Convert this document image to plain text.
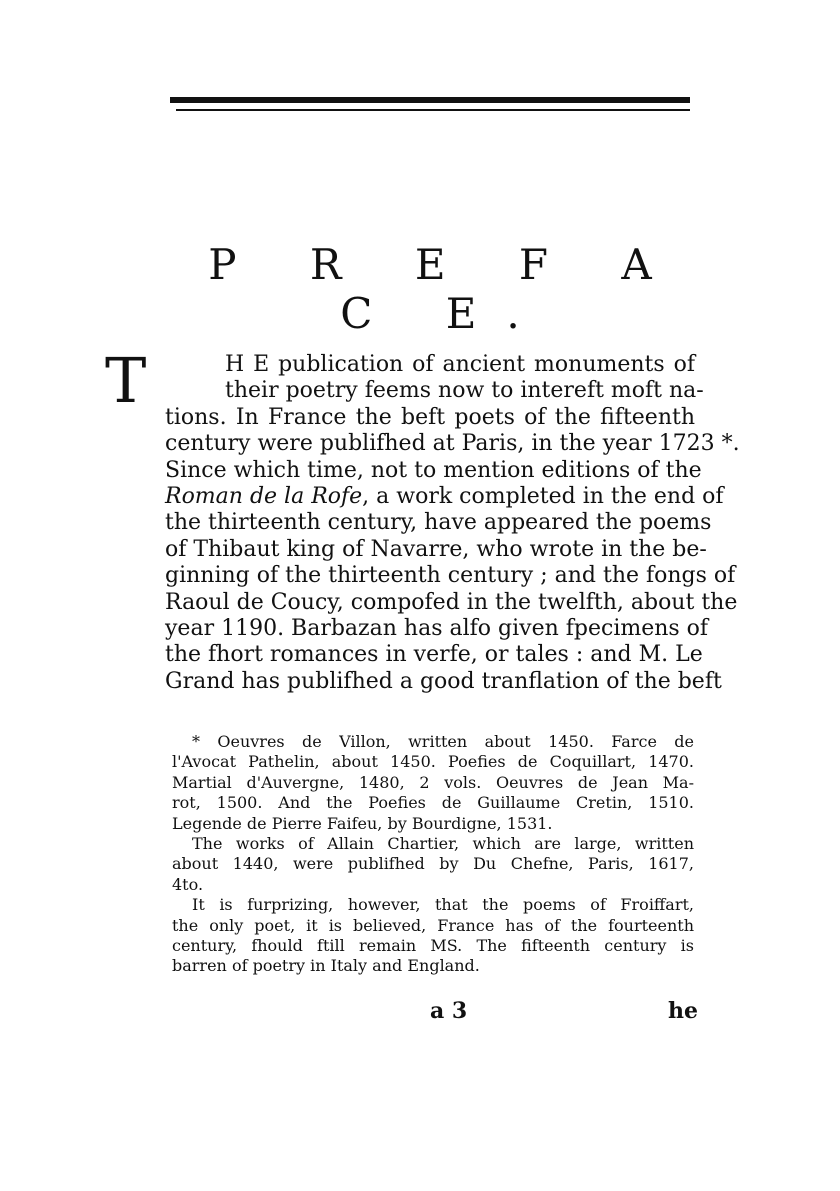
P R E F A C E.
T	H E publication of ancient monuments of
their poetry feems now to intereft moft na-
tions. In France the beft poets of the fifteenth
century were publifhed at Paris, in the year 1723 *.
Since which time, not to mention editions of the
Roman de la Rofe, a work completed in the end of
the thirteenth century, have appeared the poems
of Thibaut king of Navarre, who wrote in the be-
ginning of the thirteenth century ; and the fongs of
Raoul de Coucy, compofed in the twelfth, about the
year 1190. Barbazan has alfo given fpecimens of
the fhort romances in verfe, or tales : and M. Le
Grand has publifhed a good tranflation of the beft
* Oeuvres de Villon, written about 1450. Farce de
l'Avocat Pathelin, about 1450. Poefies de Coquillart, 1470.
Martial d'Auvergne, 1480, 2 vols. Oeuvres de Jean Ma-
rot, 1500. And the Poefies de Guillaume Cretin, 1510.
Legende de Pierre Faifeu, by Bourdigne, 1531.
The works of Allain Chartier, which are large, written
about 1440, were publifhed by Du Chefne, Paris, 1617,
4to.
It is furprizing, however, that the poems of Froiffart,
the only poet, it is believed, France has of the fourteenth
century, fhould ftill remain MS. The fifteenth century is
barren of poetry in Italy and England.
a 3	he
